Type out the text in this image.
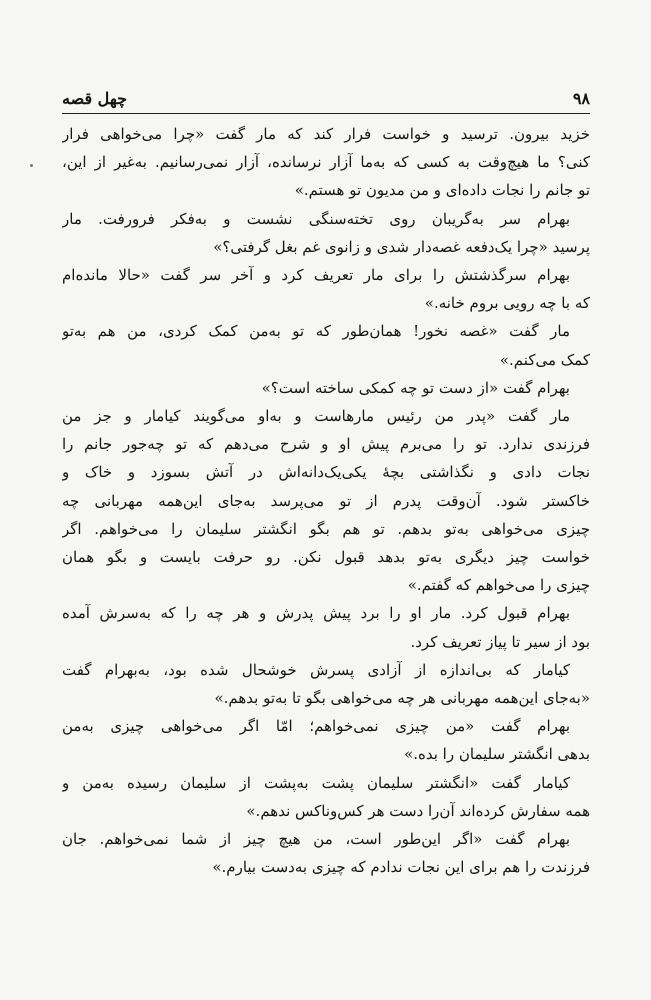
۹۸
چهل قصه
خزید بیرون. ترسید و خواست فرار کند که مار گفت «چرا می‌خواهی فرار
کنی؟ ما هیچ‌وقت به کسی که به‌ما آزار نرسانده، آزار نمی‌رسانیم. به‌غیر از این،
تو جانم را نجات داده‌ای و من مدیون تو هستم.»
بهرام سر به‌گریبان روی تخته‌سنگی نشست و به‌فکر فرورفت. مار
پرسید «چرا یک‌دفعه غصه‌دار شدی و زانوی غم بغل گرفتی؟»
بهرام سرگذشتش را برای مار تعریف کرد و آخر سر گفت «حالا مانده‌ام
که با چه رویی بروم خانه.»
مار گفت «غصه نخور! همان‌طور که تو به‌من کمک کردی، من هم به‌تو
کمک می‌کنم.»
بهرام گفت «از دست تو چه کمکی ساخته است؟»
مار گفت «پدر من رئیس مارهاست و به‌او می‌گویند کیامار و جز من
فرزندی ندارد. تو را می‌برم پیش او و شرح می‌دهم که تو چه‌جور جانم را
نجات دادی و نگذاشتی بچهٔ یکی‌یک‌دانه‌اش در آتش بسوزد و خاک و
خاکستر شود. آن‌وقت پدرم از تو می‌پرسد به‌جای این‌همه مهربانی چه
چیزی می‌خواهی به‌تو بدهم. تو هم بگو انگشتر سلیمان را می‌خواهم. اگر
خواست چیز دیگری به‌تو بدهد قبول نکن. رو حرفت بایست و بگو همان
چیزی را می‌خواهم که گفتم.»
بهرام قبول کرد. مار او را برد پیش پدرش و هر چه را که به‌سرش آمده
بود از سیر تا پیاز تعریف کرد.
کیامار که بی‌اندازه از آزادی پسرش خوشحال شده بود، به‌بهرام گفت
«به‌جای این‌همه مهربانی هر چه می‌خواهی بگو تا به‌تو بدهم.»
بهرام گفت «من چیزی نمی‌خواهم؛ امّا اگر می‌خواهی چیزی به‌من
بدهی انگشتر سلیمان را بده.»
کیامار گفت «انگشتر سلیمان پشت به‌پشت از سلیمان رسیده به‌من و
همه سفارش کرده‌اند آن‌را دست هر کس‌وناکس ندهم.»
بهرام گفت «اگر این‌طور است، من هیچ چیز از شما نمی‌خواهم. جان
فرزندت را هم برای این نجات ندادم که چیزی به‌دست بیارم.»
